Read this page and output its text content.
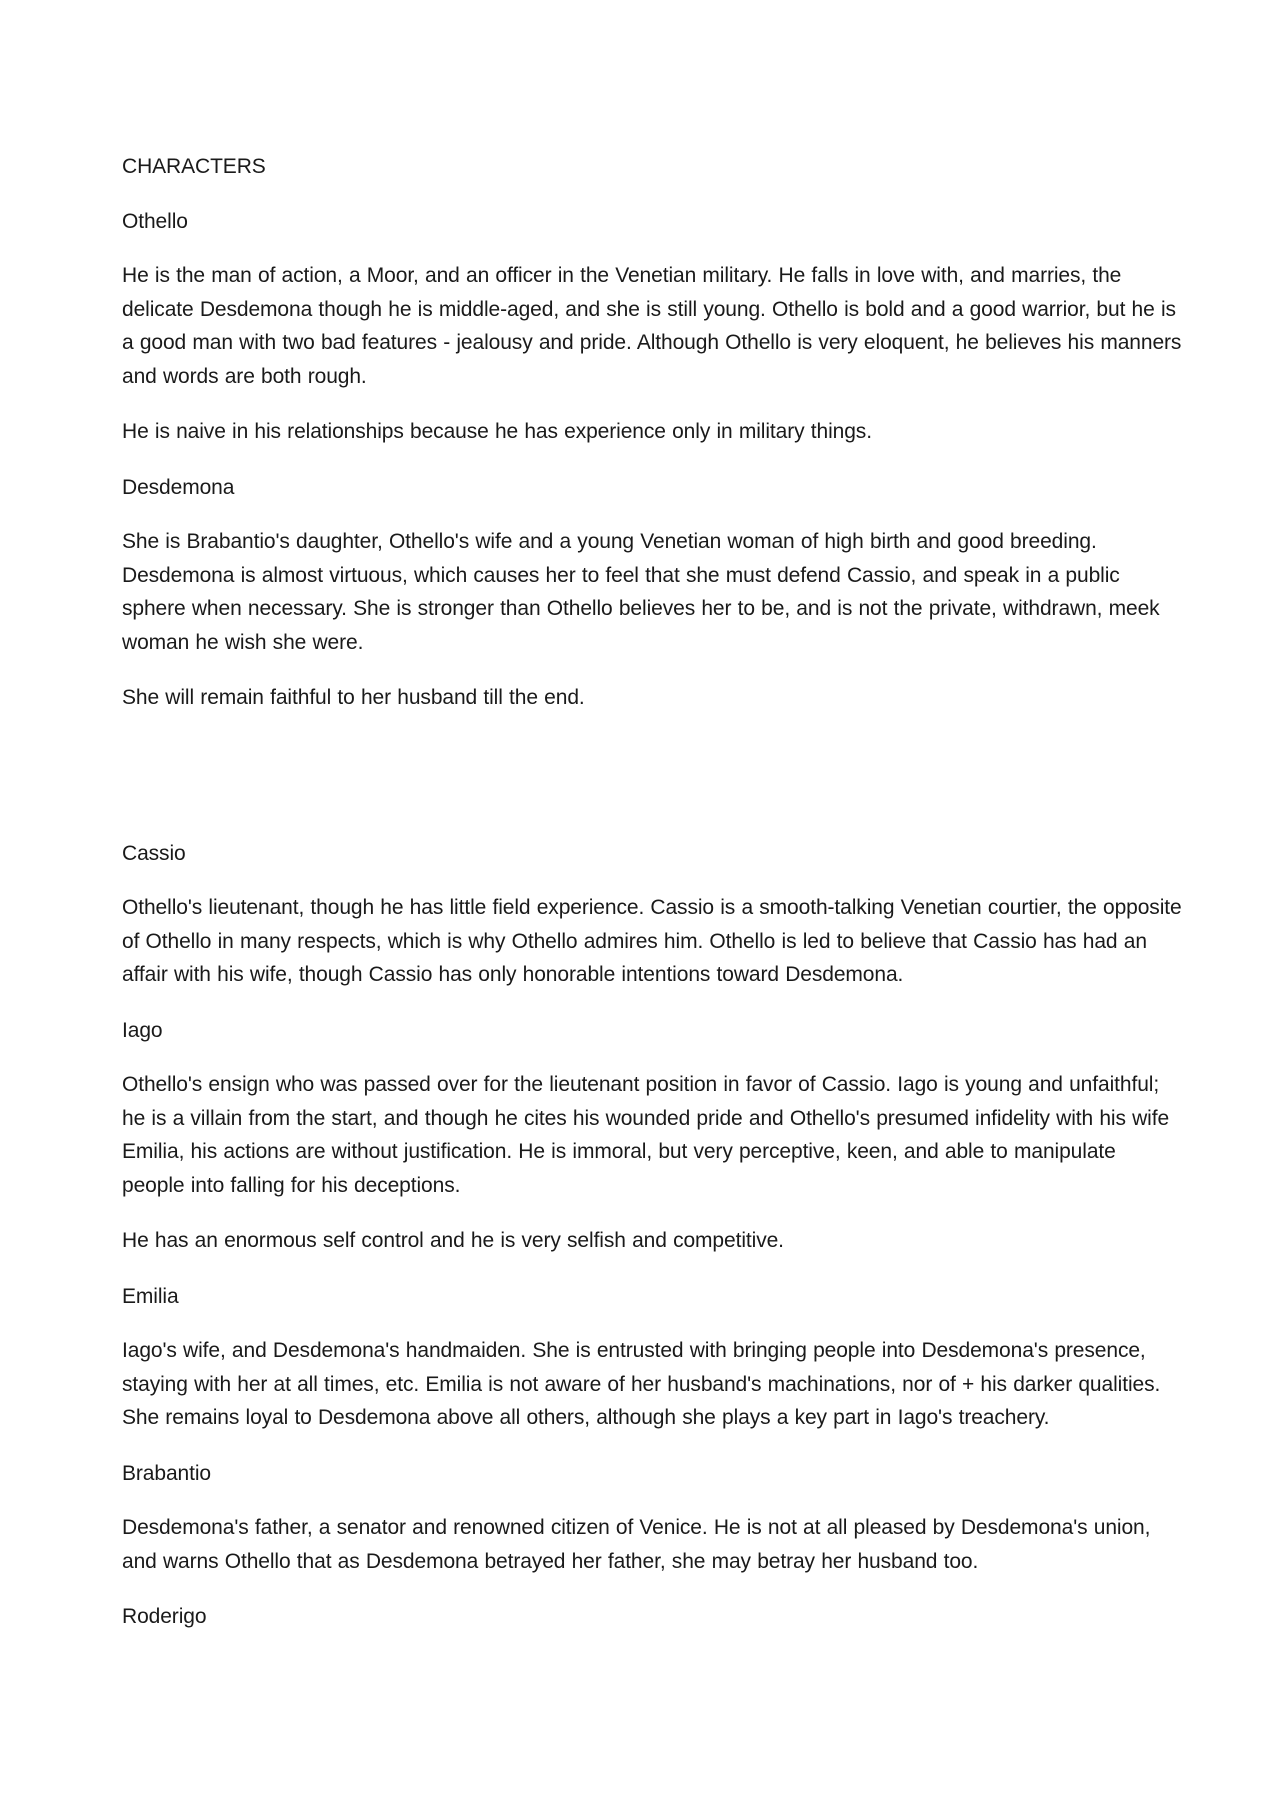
CHARACTERS

Othello

He is the man of action, a Moor, and an officer in the Venetian military. He falls in love with, and marries, the delicate Desdemona though he is middle-aged, and she is still young. Othello is bold and a good warrior, but he is a good man with two bad features - jealousy and pride. Although Othello is very eloquent, he believes his manners and words are both rough.

He is naive in his relationships because he has experience only in military things.

Desdemona

She is Brabantio's daughter, Othello's wife and a young Venetian woman of high birth and good breeding. Desdemona is almost virtuous, which causes her to feel that she must defend Cassio, and speak in a public sphere when necessary. She is stronger than Othello believes her to be, and is not the private, withdrawn, meek woman he wish she were.

She will remain faithful to her husband till the end.

Cassio

Othello's lieutenant, though he has little field experience. Cassio is a smooth-talking Venetian courtier, the opposite of Othello in many respects, which is why Othello admires him. Othello is led to believe that Cassio has had an affair with his wife, though Cassio has only honorable intentions toward Desdemona.

Iago

Othello's ensign who was passed over for the lieutenant position in favor of Cassio. Iago is young and unfaithful; he is a villain from the start, and though he cites his wounded pride and Othello's presumed infidelity with his wife Emilia, his actions are without justification. He is immoral, but very perceptive, keen, and able to manipulate people into falling for his deceptions.

He has an enormous self control and he is very selfish and competitive.

Emilia

Iago's wife, and Desdemona's handmaiden. She is entrusted with bringing people into Desdemona's presence, staying with her at all times, etc. Emilia is not aware of her husband's machinations, nor of + his darker qualities. She remains loyal to Desdemona above all others, although she plays a key part in Iago's treachery.

Brabantio

Desdemona's father, a senator and renowned citizen of Venice. He is not at all pleased by Desdemona's union, and warns Othello that as Desdemona betrayed her father, she may betray her husband too.

Roderigo
